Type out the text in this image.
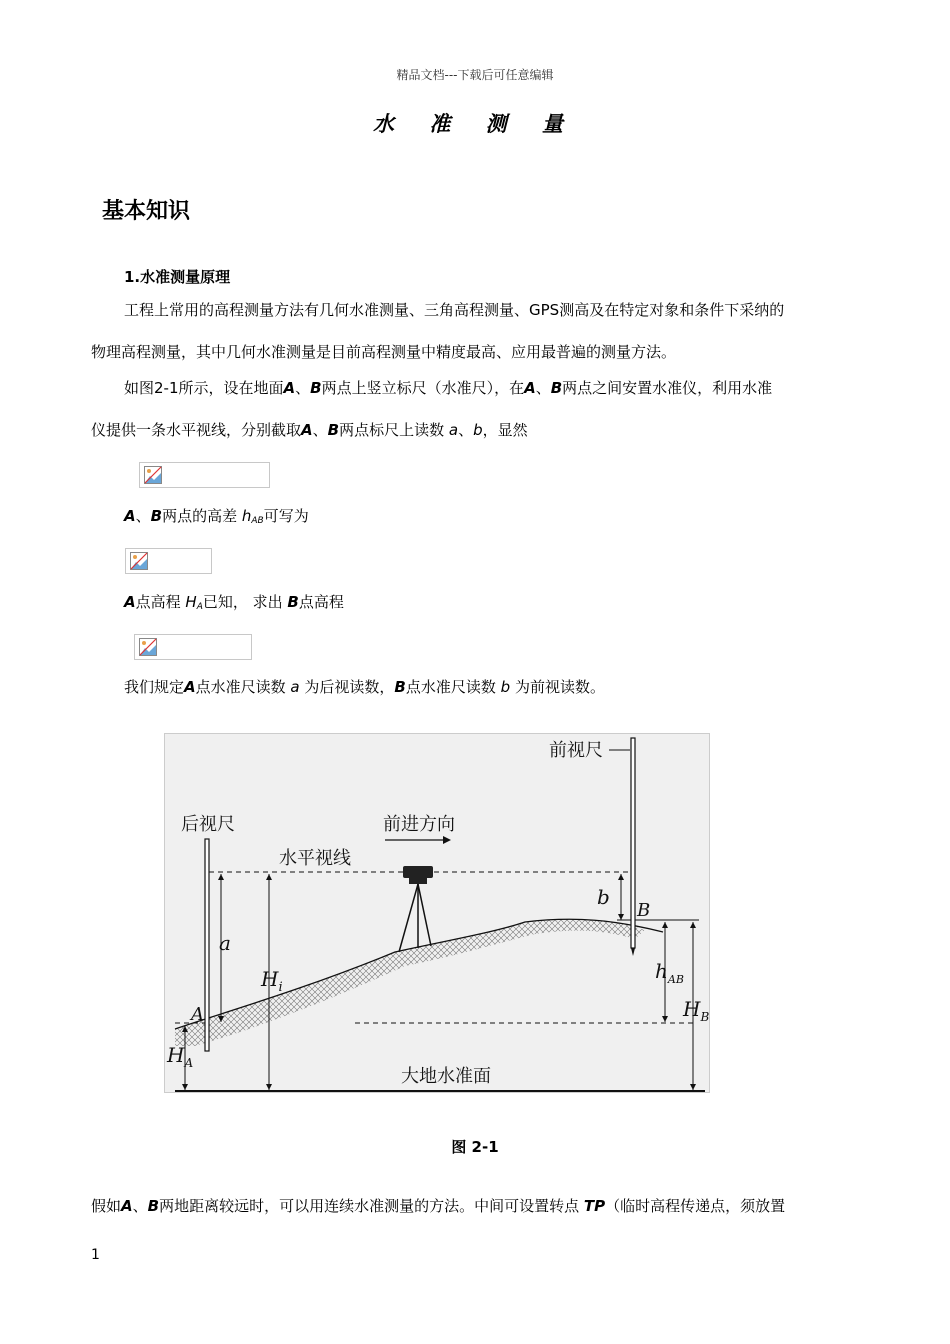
精品文档---下载后可任意编辑
水 准 测 量
基本知识
1.水准测量原理
工程上常用的高程测量方法有几何水准测量、三角高程测量、GPS测高及在特定对象和条件下采纳的
物理高程测量，其中几何水准测量是目前高程测量中精度最高、应用最普遍的测量方法。
如图2-1所示，设在地面A、B两点上竖立标尺（水准尺），在A、B两点之间安置水准仪，利用水准
仪提供一条水平视线，分别截取A、B两点标尺上读数 a、b，显然
A、B两点的高差 $h_{AB}$可写为
A点高程 $H_A$已知， 求出 B点高程
我们规定A点水准尺读数 a 为后视读数，B点水准尺读数 b 为前视读数。
前视尺
后视尺	前进方向
水平视线
a
b
A
B
$H_i$
$H_A$
$H_B$
$h_{AB}$
大地水准面
图 2-1
假如A、B两地距离较远时，可以用连续水准测量的方法。中间可设置转点 TP（临时高程传递点，须放置
1
